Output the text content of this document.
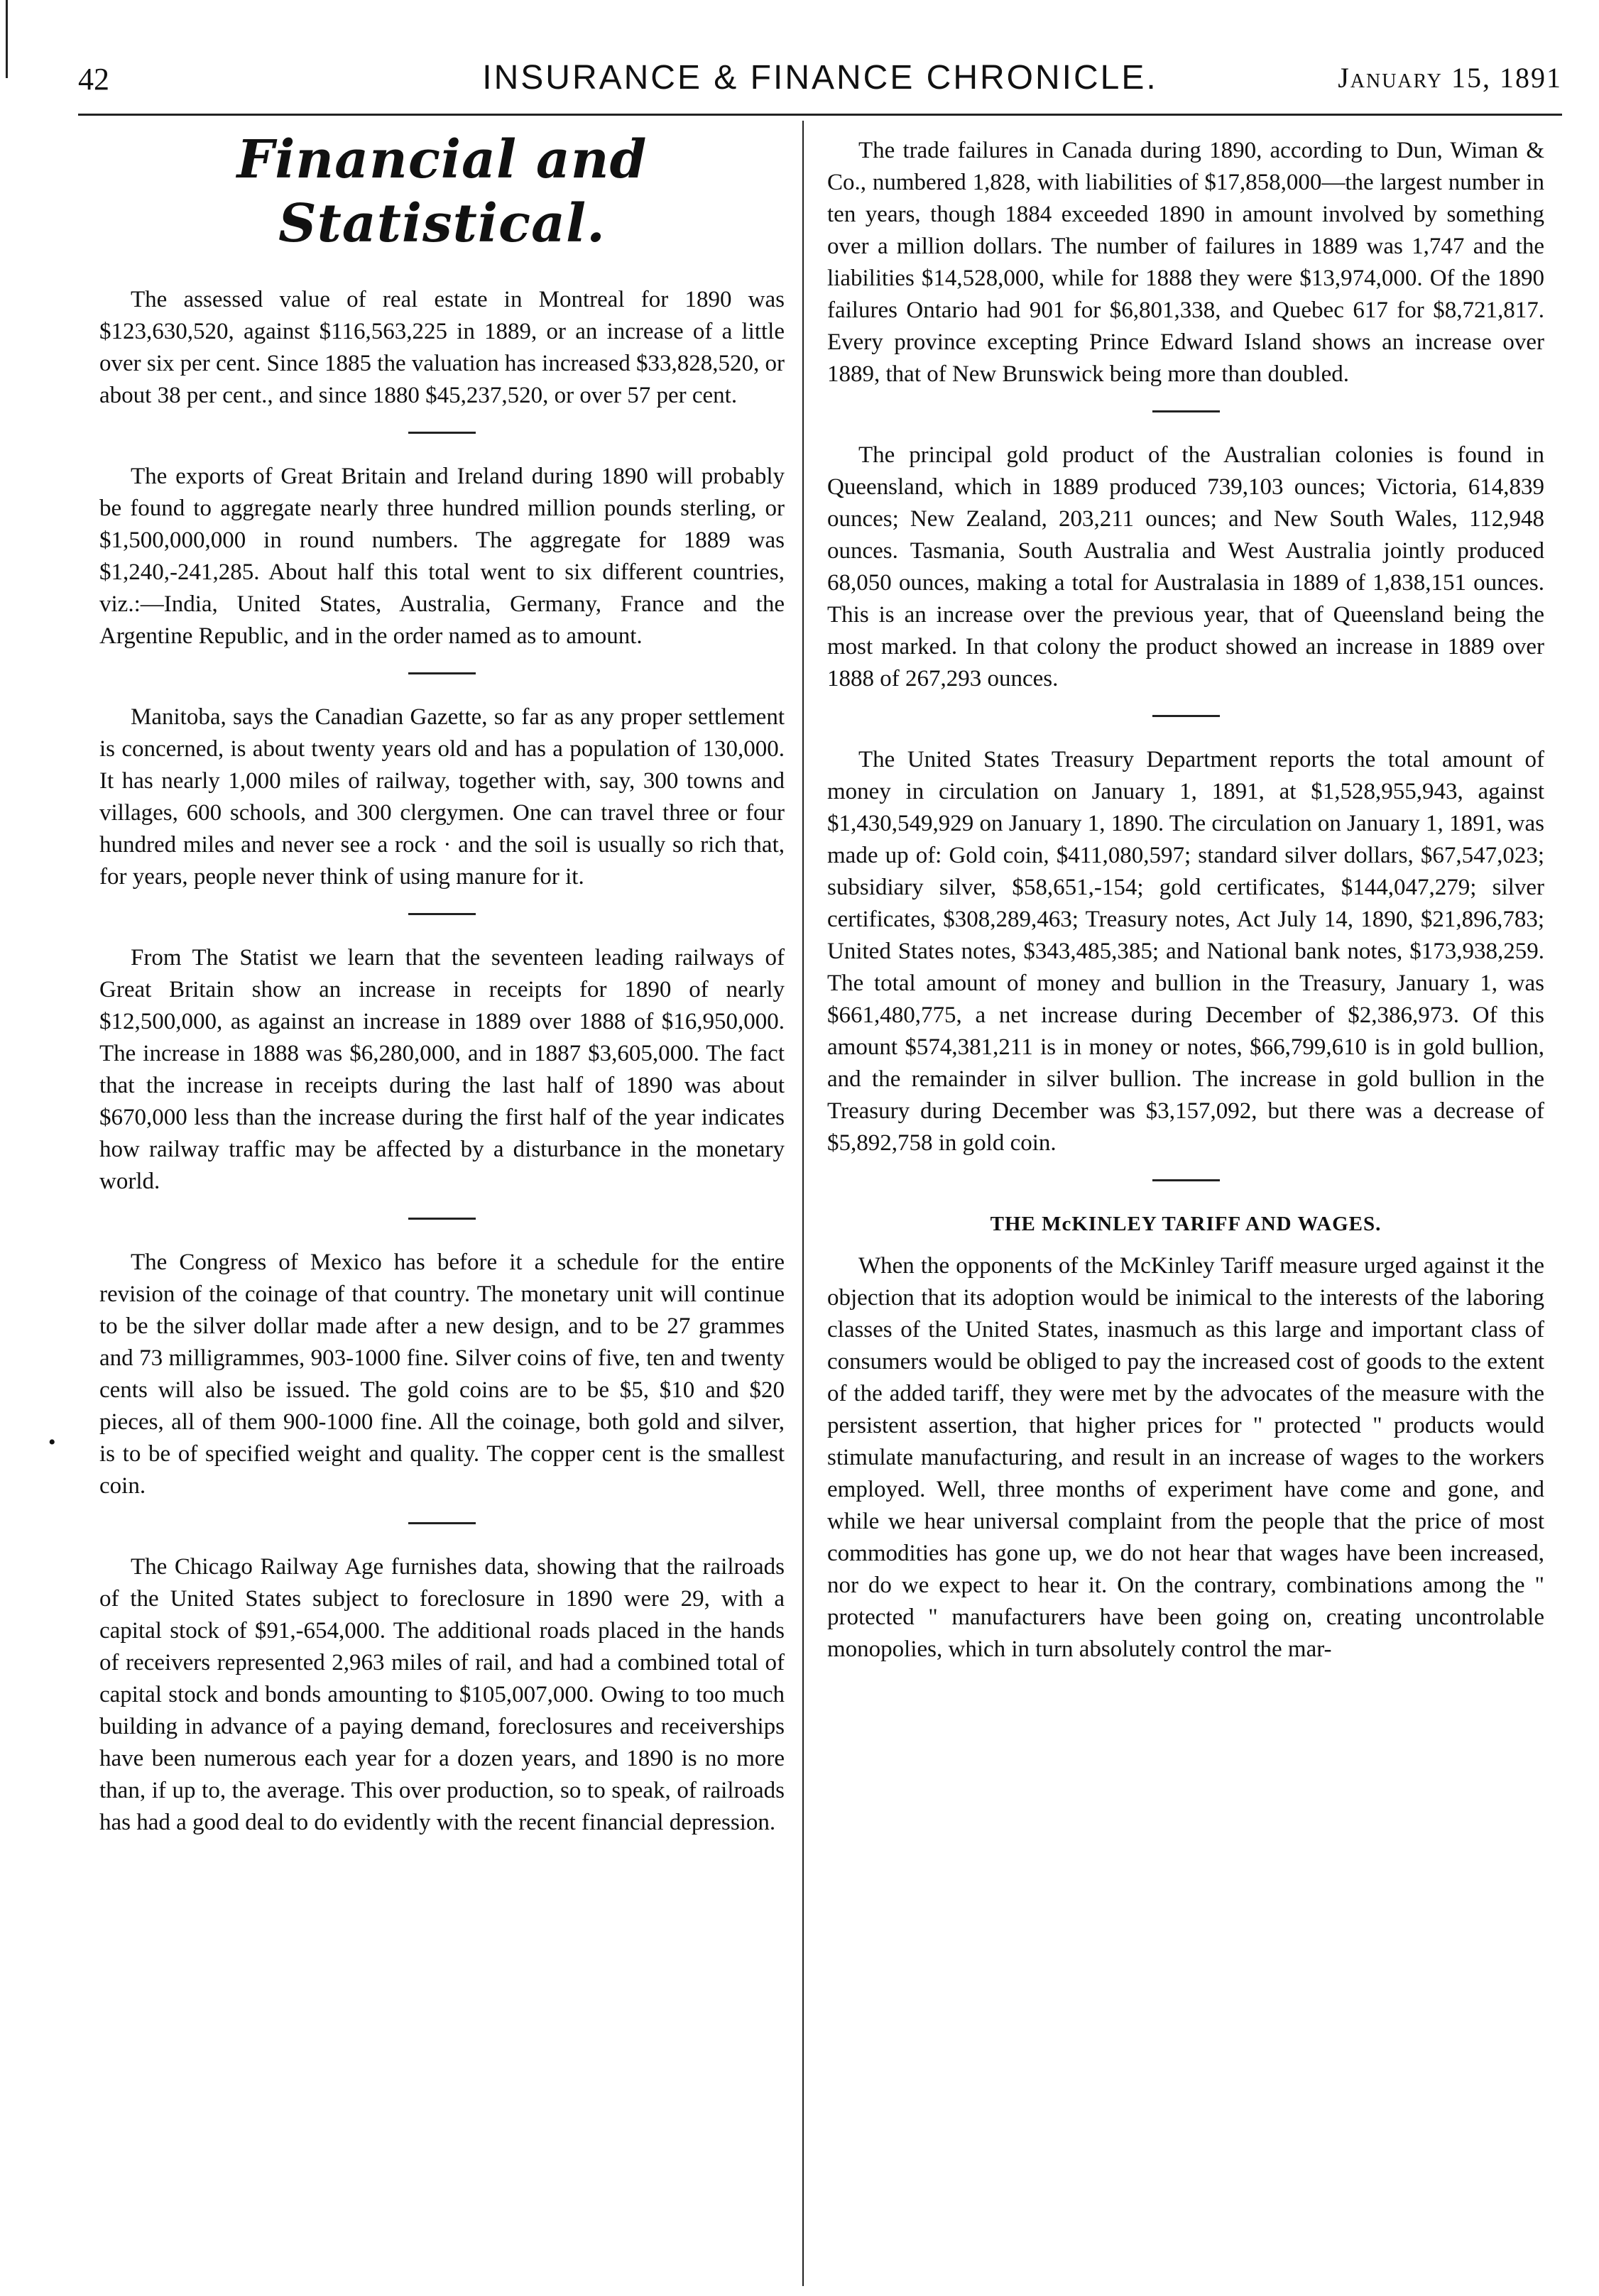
42	INSURANCE & FINANCE CHRONICLE.	January 15, 1891
•
Financial and Statistical.

The assessed value of real estate in Montreal for 1890 was $123,630,520, against $116,563,225 in 1889, or an increase of a little over six per cent. Since 1885 the valuation has increased $33,828,520, or about 38 per cent., and since 1880 $45,237,520, or over 57 per cent.

The exports of Great Britain and Ireland during 1890 will probably be found to aggregate nearly three hundred million pounds sterling, or $1,500,000,000 in round numbers. The aggregate for 1889 was $1,240,-241,285. About half this total went to six different countries, viz.:—India, United States, Australia, Germany, France and the Argentine Republic, and in the order named as to amount.

Manitoba, says the Canadian Gazette, so far as any proper settlement is concerned, is about twenty years old and has a population of 130,000. It has nearly 1,000 miles of railway, together with, say, 300 towns and villages, 600 schools, and 300 clergymen. One can travel three or four hundred miles and never see a rock · and the soil is usually so rich that, for years, people never think of using manure for it.

From The Statist we learn that the seventeen leading railways of Great Britain show an increase in receipts for 1890 of nearly $12,500,000, as against an increase in 1889 over 1888 of $16,950,000. The increase in 1888 was $6,280,000, and in 1887 $3,605,000. The fact that the increase in receipts during the last half of 1890 was about $670,000 less than the increase during the first half of the year indicates how railway traffic may be affected by a disturbance in the monetary world.

The Congress of Mexico has before it a schedule for the entire revision of the coinage of that country. The monetary unit will continue to be the silver dollar made after a new design, and to be 27 grammes and 73 milligrammes, 903-1000 fine. Silver coins of five, ten and twenty cents will also be issued. The gold coins are to be $5, $10 and $20 pieces, all of them 900-1000 fine. All the coinage, both gold and silver, is to be of specified weight and quality. The copper cent is the smallest coin.

The Chicago Railway Age furnishes data, showing that the railroads of the United States subject to foreclosure in 1890 were 29, with a capital stock of $91,-654,000. The additional roads placed in the hands of receivers represented 2,963 miles of rail, and had a combined total of capital stock and bonds amounting to $105,007,000. Owing to too much building in advance of a paying demand, foreclosures and receiverships have been numerous each year for a dozen years, and 1890 is no more than, if up to, the average. This over production, so to speak, of railroads has had a good deal to do evidently with the recent financial depression.

The trade failures in Canada during 1890, according to Dun, Wiman & Co., numbered 1,828, with liabilities of $17,858,000—the largest number in ten years, though 1884 exceeded 1890 in amount involved by something over a million dollars. The number of failures in 1889 was 1,747 and the liabilities $14,528,000, while for 1888 they were $13,974,000. Of the 1890 failures Ontario had 901 for $6,801,338, and Quebec 617 for $8,721,817. Every province excepting Prince Edward Island shows an increase over 1889, that of New Brunswick being more than doubled.

The principal gold product of the Australian colonies is found in Queensland, which in 1889 produced 739,103 ounces; Victoria, 614,839 ounces; New Zealand, 203,211 ounces; and New South Wales, 112,948 ounces. Tasmania, South Australia and West Australia jointly produced 68,050 ounces, making a total for Australasia in 1889 of 1,838,151 ounces. This is an increase over the previous year, that of Queensland being the most marked. In that colony the product showed an increase in 1889 over 1888 of 267,293 ounces.

The United States Treasury Department reports the total amount of money in circulation on January 1, 1891, at $1,528,955,943, against $1,430,549,929 on January 1, 1890. The circulation on January 1, 1891, was made up of: Gold coin, $411,080,597; standard silver dollars, $67,547,023; subsidiary silver, $58,651,-154; gold certificates, $144,047,279; silver certificates, $308,289,463; Treasury notes, Act July 14, 1890, $21,896,783; United States notes, $343,485,385; and National bank notes, $173,938,259. The total amount of money and bullion in the Treasury, January 1, was $661,480,775, a net increase during December of $2,386,973. Of this amount $574,381,211 is in money or notes, $66,799,610 is in gold bullion, and the remainder in silver bullion. The increase in gold bullion in the Treasury during December was $3,157,092, but there was a decrease of $5,892,758 in gold coin.

THE McKINLEY TARIFF AND WAGES.

When the opponents of the McKinley Tariff measure urged against it the objection that its adoption would be inimical to the interests of the laboring classes of the United States, inasmuch as this large and important class of consumers would be obliged to pay the increased cost of goods to the extent of the added tariff, they were met by the advocates of the measure with the persistent assertion, that higher prices for " protected " products would stimulate manufacturing, and result in an increase of wages to the workers employed. Well, three months of experiment have come and gone, and while we hear universal complaint from the people that the price of most commodities has gone up, we do not hear that wages have been increased, nor do we expect to hear it. On the contrary, combinations among the " protected " manufacturers have been going on, creating uncontrolable monopolies, which in turn absolutely control the mar-
